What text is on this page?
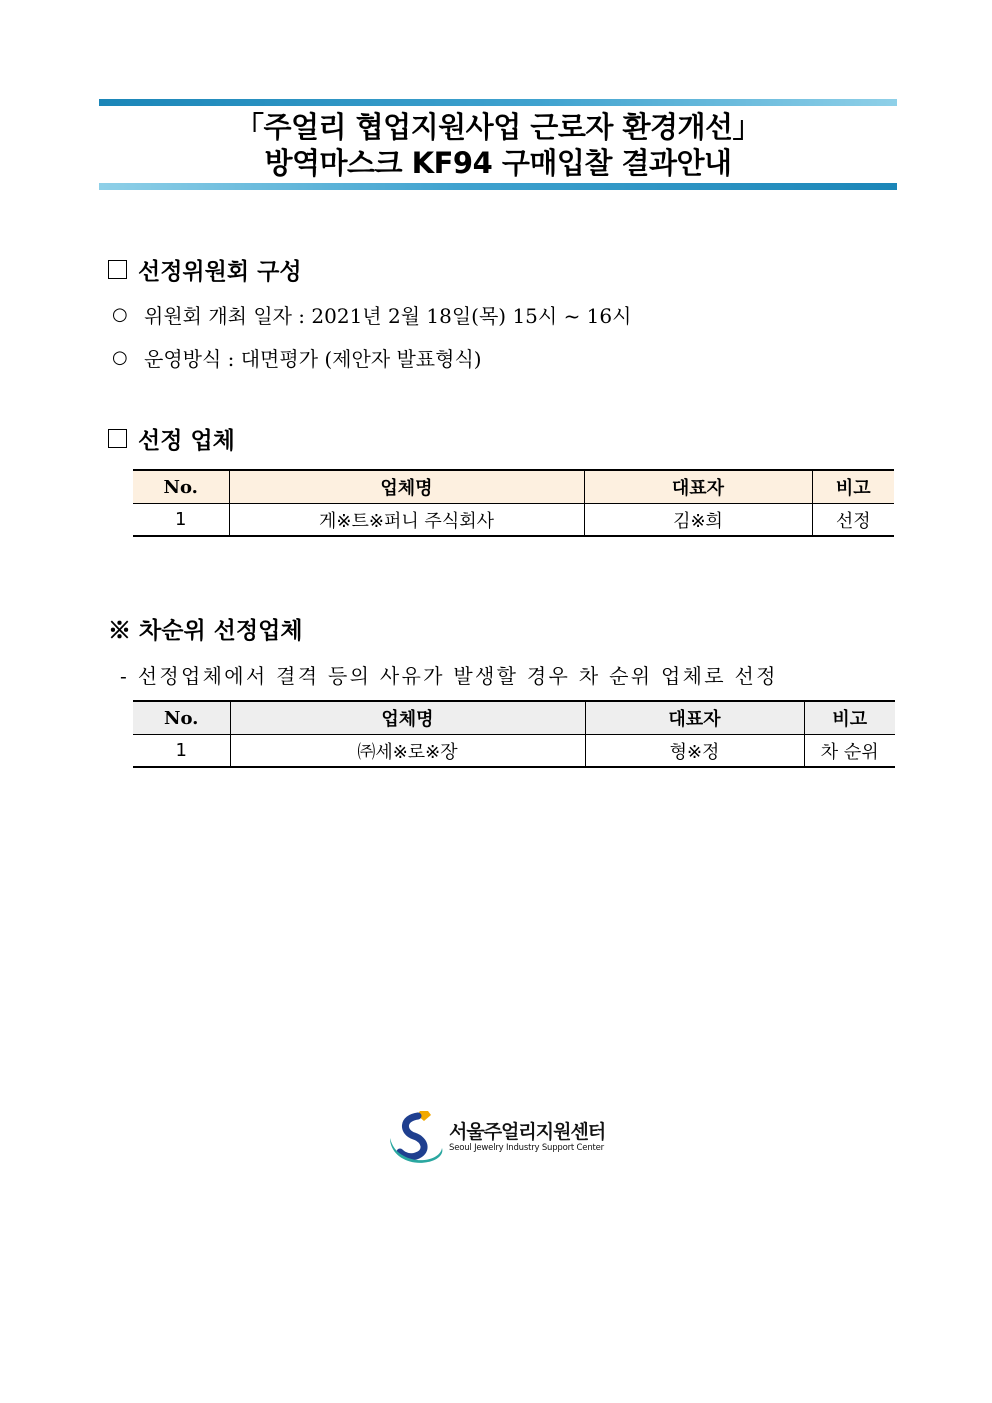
「주얼리 협업지원사업 근로자 환경개선」
방역마스크 KF94 구매입찰 결과안내
선정위원회 구성
○ 위원회 개최 일자 : 2021년 2월 18일(목) 15시 ~ 16시
○ 운영방식 : 대면평가 (제안자 발표형식)
선정 업체
No.	업체명	대표자	비고
1	게※트※퍼니 주식회사	김※희	선정
※ 차순위 선정업체
- 선정업체에서 결격 등의 사유가 발생할 경우 차 순위 업체로 선정
No.	업체명	대표자	비고
1	㈜세※로※장	형※정	차 순위
서울주얼리지원센터
Seoul Jewelry Industry Support Center
